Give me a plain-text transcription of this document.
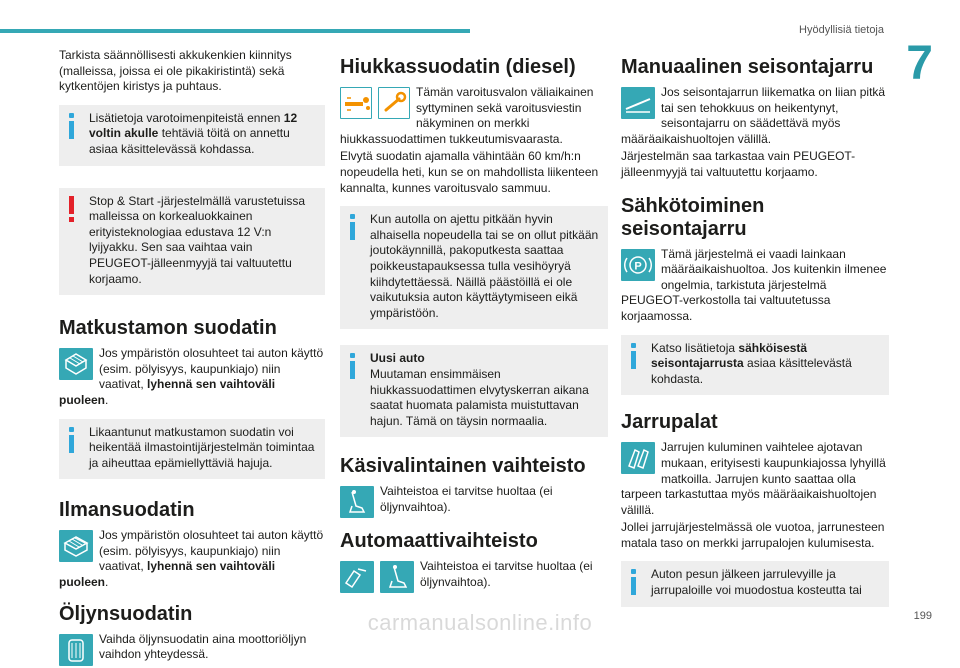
Hyödyllisiä tietoja
7

Tarkista säännöllisesti akkukenkien kiinnitys (malleissa, joissa ei ole pikakiristintä) sekä kytkentöjen kiristys ja puhtaus.

Lisätietoja varotoimenpiteistä ennen 12 voltin akulle tehtäviä töitä on annettu asiaa käsittelevässä kohdassa.
Stop & Start -järjestelmällä varustetuissa malleissa on korkealuokkainen erityisteknologiaa edustava 12 V:n lyijyakku. Sen saa vaihtaa vain PEUGEOT-jälleenmyyjä tai valtuutettu korjaamo.
Matkustamon suodatin

Jos ympäristön olosuhteet tai auton käyttö (esim. pölyisyys, kaupunkiajo) niin vaativat, lyhennä sen vaihtoväli puoleen.

Likaantunut matkustamon suodatin voi heikentää ilmastointijärjestelmän toimintaa ja aiheuttaa epämiellyttäviä hajuja.
Ilmansuodatin

Jos ympäristön olosuhteet tai auton käyttö (esim. pölyisyys, kaupunkiajo) niin vaativat, lyhennä sen vaihtoväli puoleen.

Öljynsuodatin

Vaihda öljynsuodatin aina moottoriöljyn vaihdon yhteydessä.

Hiukkassuodatin (diesel)

Tämän varoitusvalon väliaikainen syttyminen sekä varoitusviestin näkyminen on merkki hiukkassuodattimen tukkeutumisvaarasta.

Elvytä suodatin ajamalla vähintään 60 km/h:n nopeudella heti, kun se on mahdollista liikenteen kannalta, kunnes varoitusvalo sammuu.

Kun autolla on ajettu pitkään hyvin alhaisella nopeudella tai se on ollut pitkään joutokäynnillä, pakoputkesta saattaa poikkeustapauksessa tulla vesihöyryä kiihdytettäessä. Näillä päästöillä ei ole vaikutuksia auton käyttäytymiseen eikä ympäristöön.
Uusi auto
Muutaman ensimmäisen hiukkassuodattimen elvytyskerran aikana saatat huomata palamista muistuttavan hajun. Tämä on täysin normaalia.
Käsivalintainen vaihteisto

Vaihteistoa ei tarvitse huoltaa (ei öljynvaihtoa).

Automaattivaihteisto

Vaihteistoa ei tarvitse huoltaa (ei öljynvaihtoa).

Manuaalinen seisontajarru

Jos seisontajarrun liikematka on liian pitkä tai sen tehokkuus on heikentynyt, seisontajarru on säädettävä myös määräaikaishuoltojen välillä.

Järjestelmän saa tarkastaa vain PEUGEOT-jälleenmyyjä tai valtuutettu korjaamo.

Sähkötoiminen seisontajarru
P

Tämä järjestelmä ei vaadi lainkaan määräaikaishuoltoa. Jos kuitenkin ilmenee ongelmia, tarkistuta järjestelmä PEUGEOT-verkostolla tai valtuutetussa korjaamossa.

Katso lisätietoja sähköisestä seisontajarrusta asiaa käsittelevästä kohdasta.
Jarrupalat

Jarrujen kuluminen vaihtelee ajotavan mukaan, erityisesti kaupunkiajossa lyhyillä matkoilla. Jarrujen kunto saattaa olla tarpeen tarkastuttaa myös määräaikaishuoltojen välillä.

Jollei jarrujärjestelmässä ole vuotoa, jarrunesteen matala taso on merkki jarrupalojen kulumisesta.

Auton pesun jälkeen jarrulevyille ja jarrupaloille voi muodostua kosteutta tai
199
carmanualsonline.info
